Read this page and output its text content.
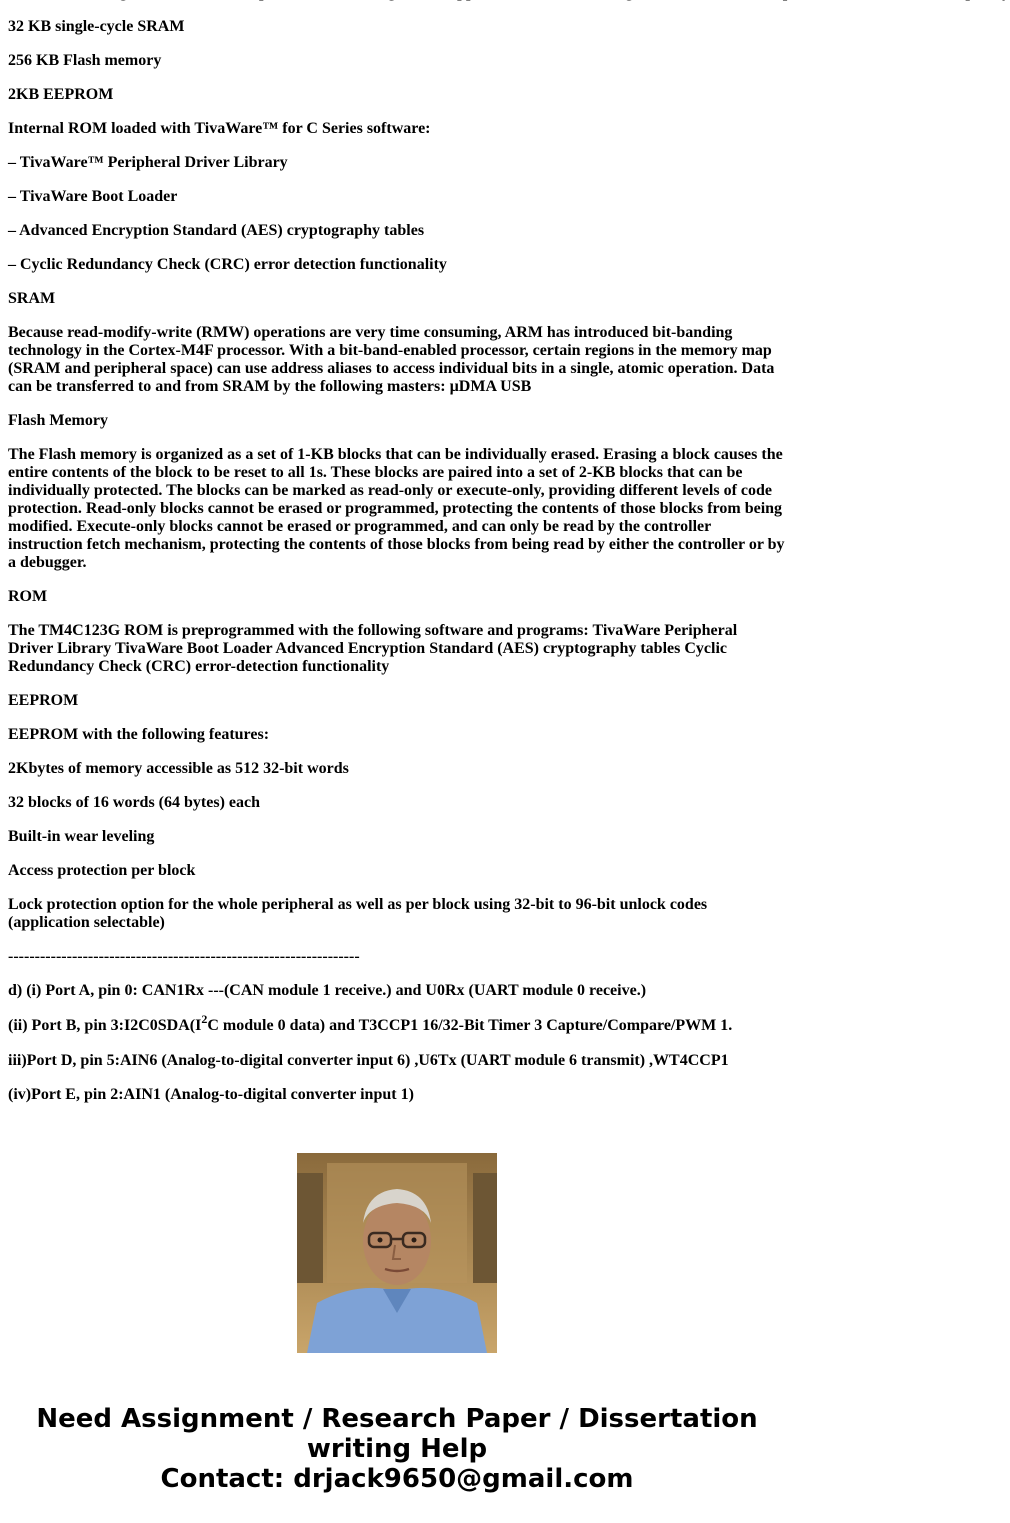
32 KB single-cycle SRAM
256 KB Flash memory
2KB EEPROM
Internal ROM loaded with TivaWare™ for C Series software:
– TivaWare™ Peripheral Driver Library
– TivaWare Boot Loader
– Advanced Encryption Standard (AES) cryptography tables
– Cyclic Redundancy Check (CRC) error detection functionality
SRAM
Because read-modify-write (RMW) operations are very time consuming, ARM has introduced bit-banding technology in the Cortex-M4F processor. With a bit-band-enabled processor, certain regions in the memory map (SRAM and peripheral space) can use address aliases to access individual bits in a single, atomic operation. Data can be transferred to and from SRAM by the following masters: µDMA USB
Flash Memory
The Flash memory is organized as a set of 1-KB blocks that can be individually erased. Erasing a block causes the entire contents of the block to be reset to all 1s. These blocks are paired into a set of 2-KB blocks that can be individually protected. The blocks can be marked as read-only or execute-only, providing different levels of code protection. Read-only blocks cannot be erased or programmed, protecting the contents of those blocks from being modified. Execute-only blocks cannot be erased or programmed, and can only be read by the controller instruction fetch mechanism, protecting the contents of those blocks from being read by either the controller or by a debugger.
ROM
The TM4C123G ROM is preprogrammed with the following software and programs: TivaWare Peripheral Driver Library TivaWare Boot Loader Advanced Encryption Standard (AES) cryptography tables Cyclic Redundancy Check (CRC) error-detection functionality
EEPROM
EEPROM with the following features:
2Kbytes of memory accessible as 512 32-bit words
32 blocks of 16 words (64 bytes) each
Built-in wear leveling
Access protection per block
Lock protection option for the whole peripheral as well as per block using 32-bit to 96-bit unlock codes (application selectable)
------------------------------------------------------------------
d) (i) Port A, pin 0: CAN1Rx ---(CAN module 1 receive.) and U0Rx (UART module 0 receive.)
(ii) Port B, pin $3:I2C0SDA(I^2C$ module 0 data) and T3CCP1 16/32-Bit Timer 3 Capture/Compare/PWM 1.
iii)Port D, pin 5:AIN6 (Analog-to-digital converter input 6) ,U6Tx (UART module 6 transmit) ,WT4CCP1
(iv)Port E, pin 2:AIN1 (Analog-to-digital converter input 1)
Need Assignment / Research Paper / Dissertation
writing Help
Contact: drjack9650@gmail.com
